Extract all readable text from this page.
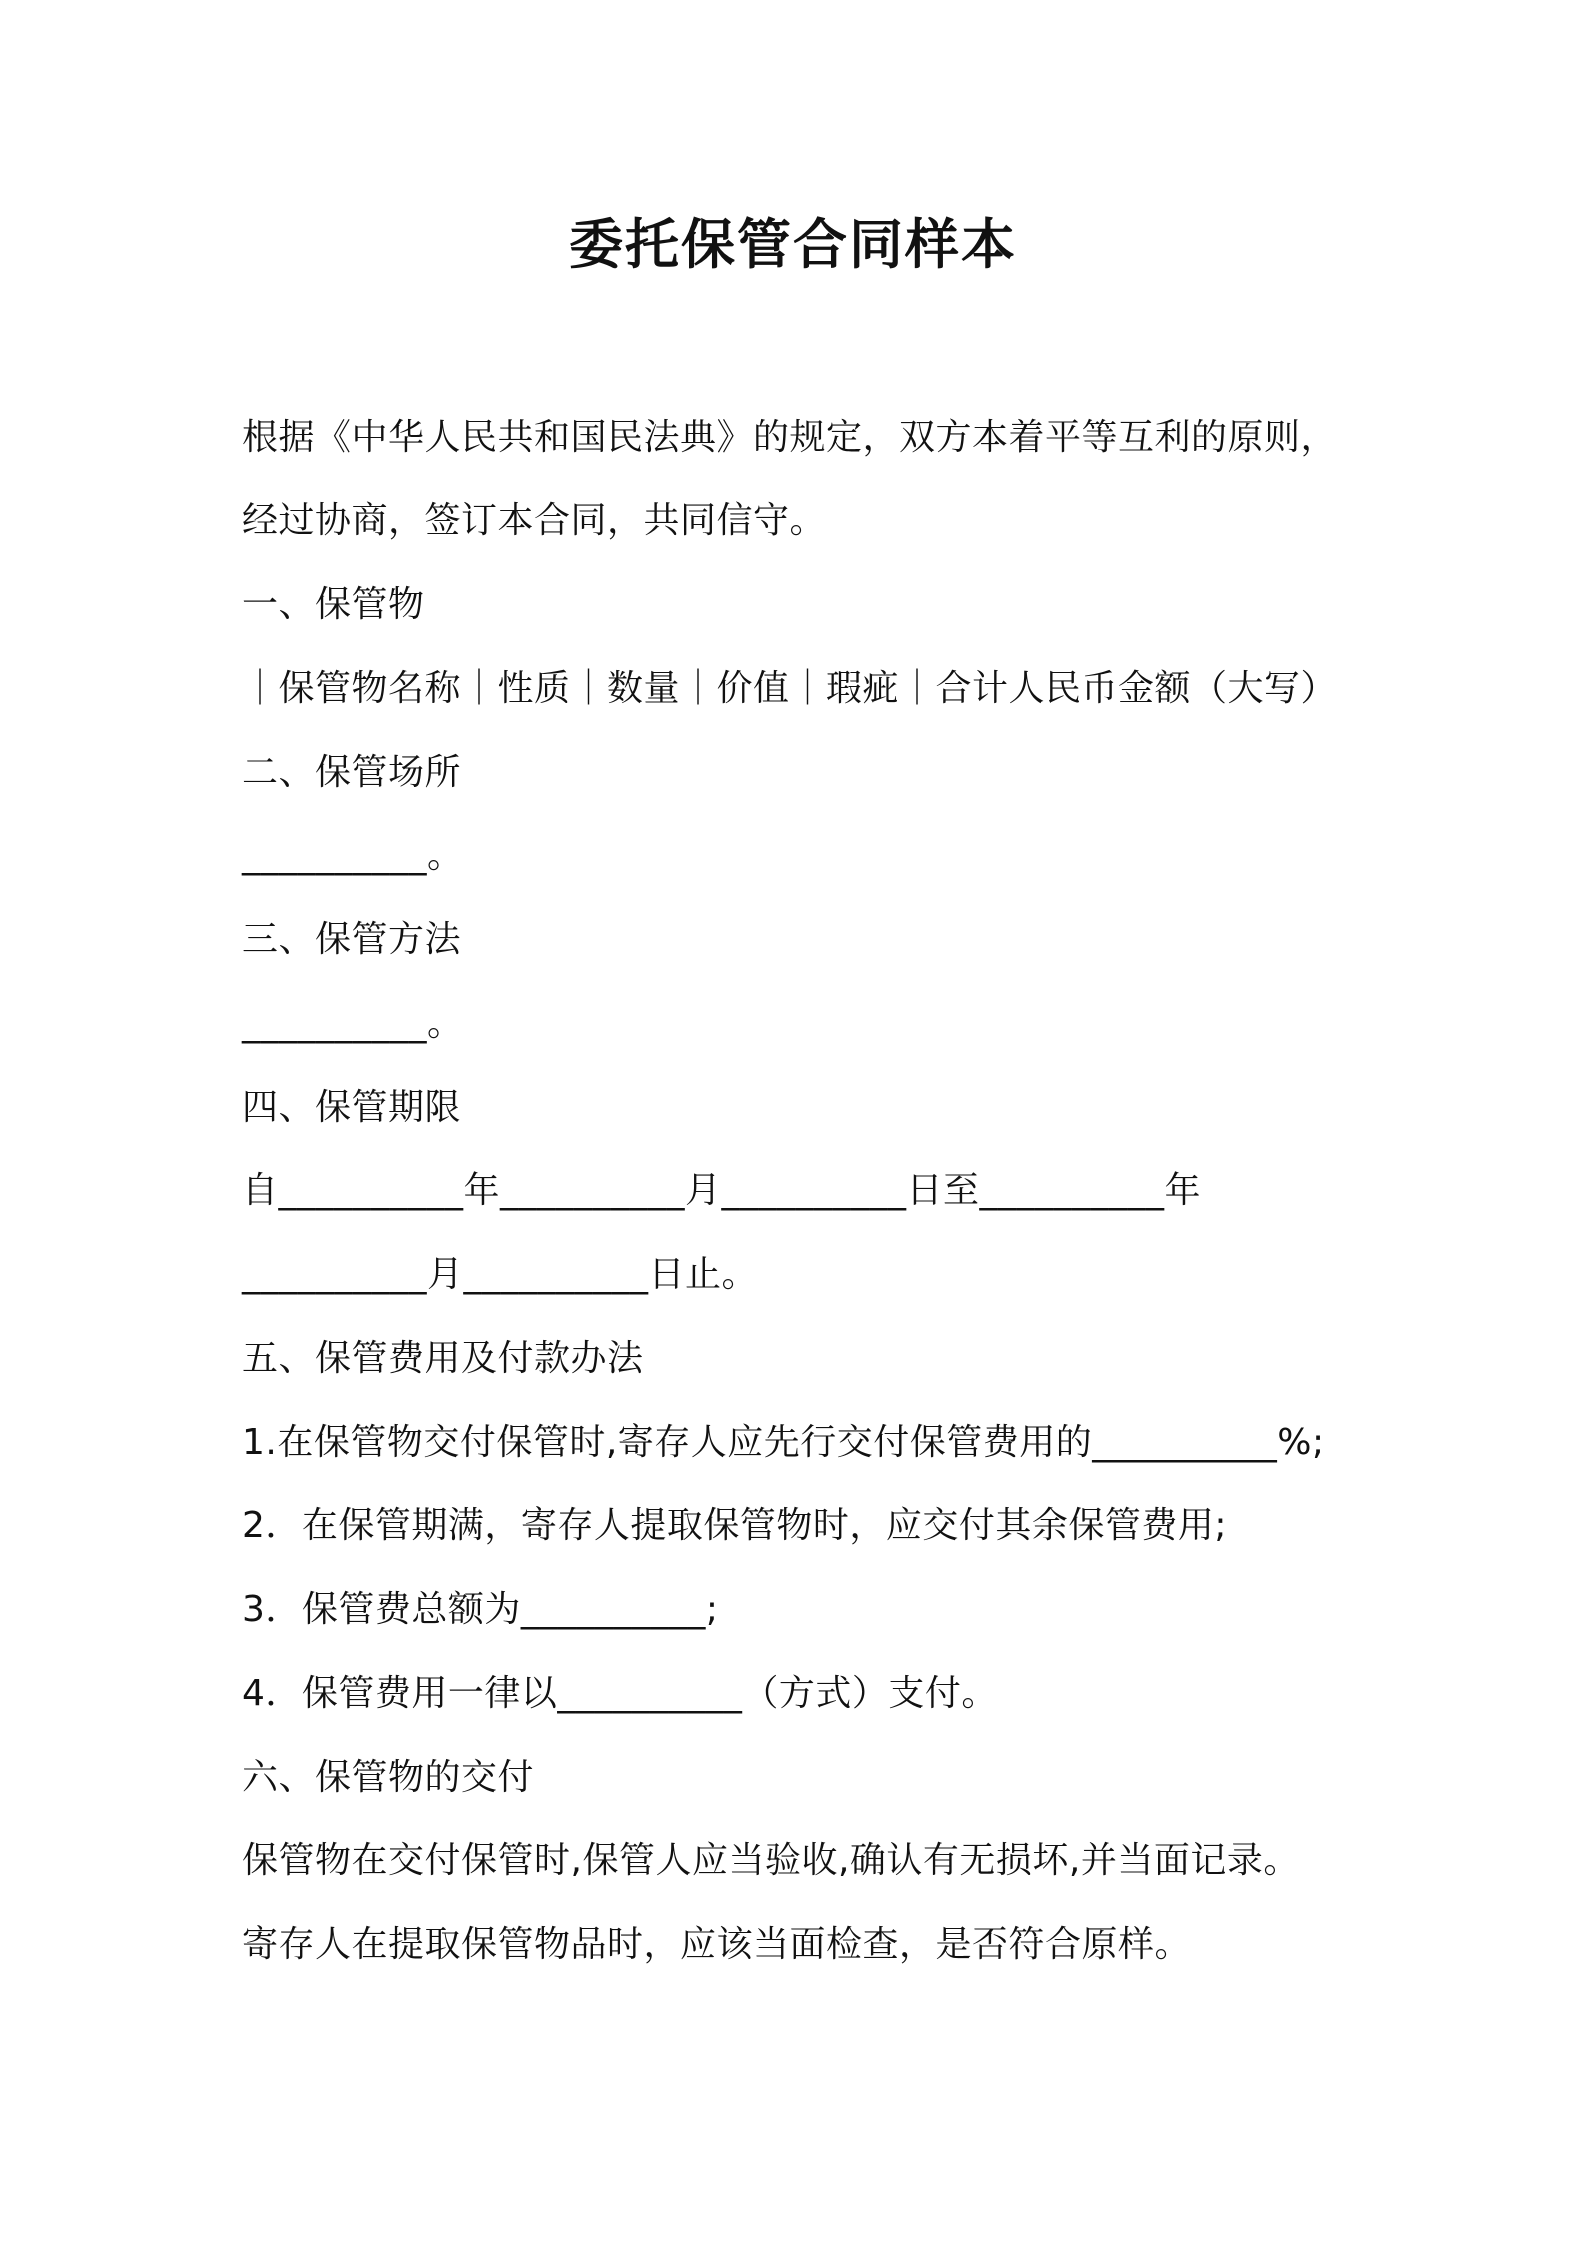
委托保管合同样本
根据《中华人民共和国民法典》的规定，双方本着平等互利的原则，
经过协商，签订本合同，共同信守。
一、保管物
｜保管物名称｜性质｜数量｜价值｜瑕疵｜合计人民币金额（大写）
二、保管场所
__________。
三、保管方法
__________。
四、保管期限
自__________年__________月__________日至__________年
__________月__________日止。
五、保管费用及付款办法
1.在保管物交付保管时,寄存人应先行交付保管费用的__________%;
2．在保管期满，寄存人提取保管物时，应交付其余保管费用;
3．保管费总额为__________;
4．保管费用一律以__________（方式）支付。
六、保管物的交付
保管物在交付保管时,保管人应当验收,确认有无损坏,并当面记录。
寄存人在提取保管物品时，应该当面检查，是否符合原样。
